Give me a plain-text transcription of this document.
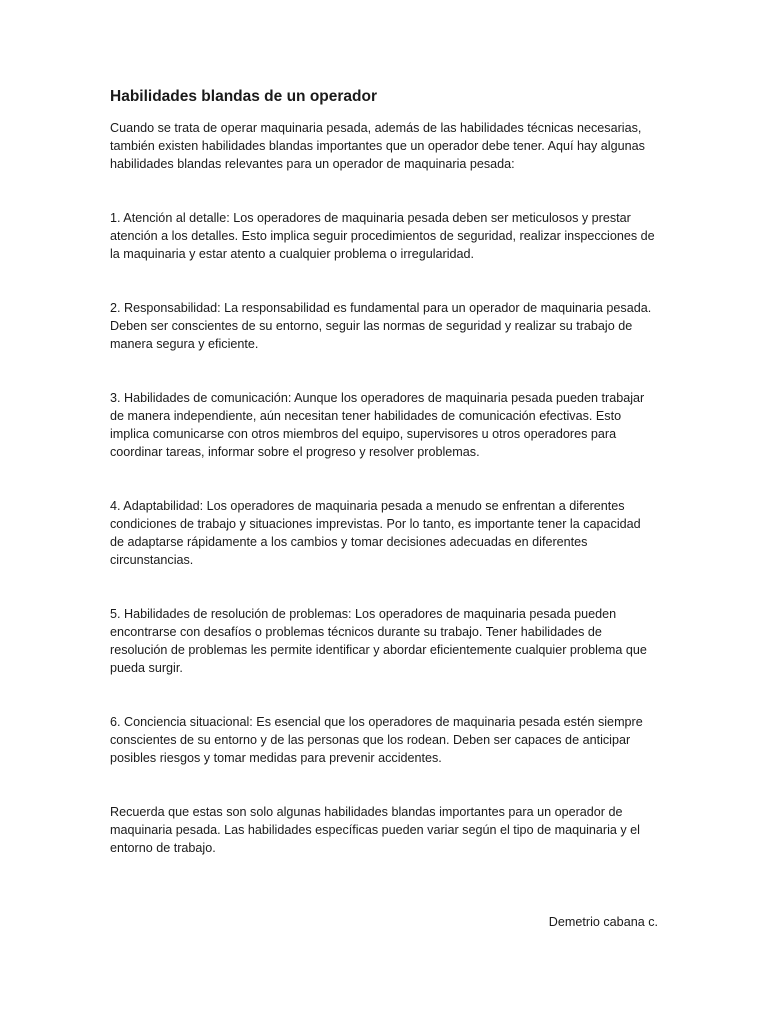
Habilidades blandas de un operador

Cuando se trata de operar maquinaria pesada, además de las habilidades técnicas necesarias, también existen habilidades blandas importantes que un operador debe tener. Aquí hay algunas habilidades blandas relevantes para un operador de maquinaria pesada:

1. Atención al detalle: Los operadores de maquinaria pesada deben ser meticulosos y prestar atención a los detalles. Esto implica seguir procedimientos de seguridad, realizar inspecciones de la maquinaria y estar atento a cualquier problema o irregularidad.

2. Responsabilidad: La responsabilidad es fundamental para un operador de maquinaria pesada. Deben ser conscientes de su entorno, seguir las normas de seguridad y realizar su trabajo de manera segura y eficiente.

3. Habilidades de comunicación: Aunque los operadores de maquinaria pesada pueden trabajar de manera independiente, aún necesitan tener habilidades de comunicación efectivas. Esto implica comunicarse con otros miembros del equipo, supervisores u otros operadores para coordinar tareas, informar sobre el progreso y resolver problemas.

4. Adaptabilidad: Los operadores de maquinaria pesada a menudo se enfrentan a diferentes condiciones de trabajo y situaciones imprevistas. Por lo tanto, es importante tener la capacidad de adaptarse rápidamente a los cambios y tomar decisiones adecuadas en diferentes circunstancias.

5. Habilidades de resolución de problemas: Los operadores de maquinaria pesada pueden encontrarse con desafíos o problemas técnicos durante su trabajo. Tener habilidades de resolución de problemas les permite identificar y abordar eficientemente cualquier problema que pueda surgir.

6. Conciencia situacional: Es esencial que los operadores de maquinaria pesada estén siempre conscientes de su entorno y de las personas que los rodean. Deben ser capaces de anticipar posibles riesgos y tomar medidas para prevenir accidentes.

Recuerda que estas son solo algunas habilidades blandas importantes para un operador de maquinaria pesada. Las habilidades específicas pueden variar según el tipo de maquinaria y el entorno de trabajo.

Demetrio cabana c.
